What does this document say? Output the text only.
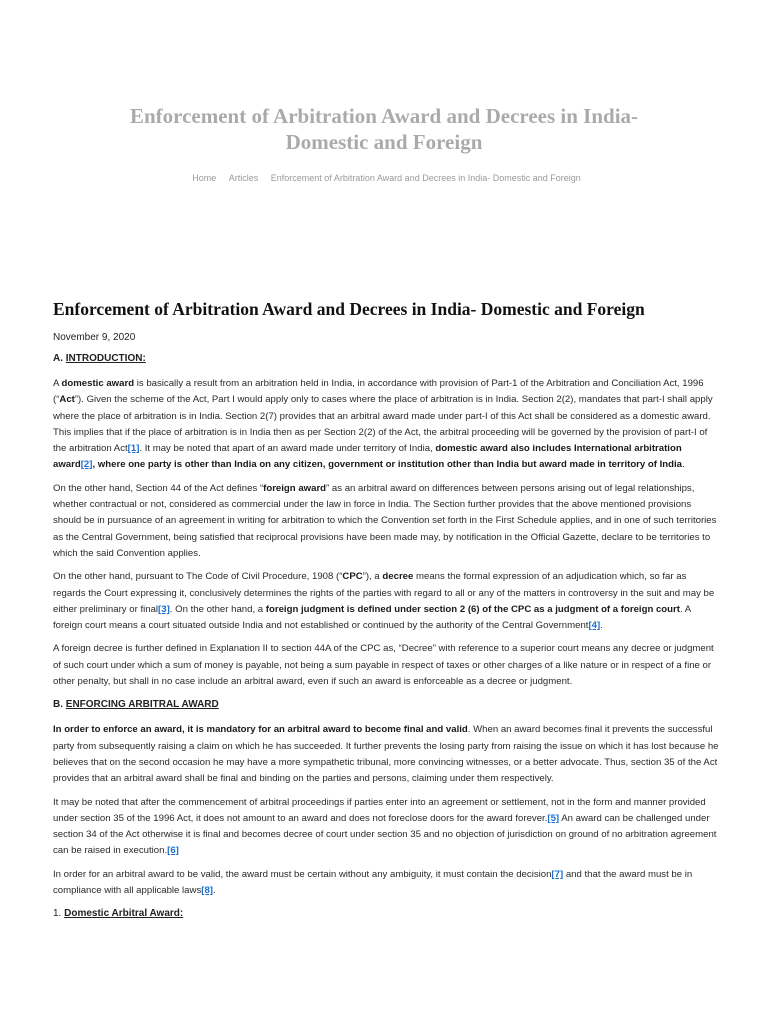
Enforcement of Arbitration Award and Decrees in India-
Domestic and Foreign
Home Articles Enforcement of Arbitration Award and Decrees in India- Domestic and Foreign
Enforcement of Arbitration Award and Decrees in India- Domestic and Foreign
November 9, 2020
A. INTRODUCTION:

A domestic award is basically a result from an arbitration held in India, in accordance with provision of Part-1 of the Arbitration and Conciliation Act, 1996 (“Act”). Given the scheme of the Act, Part I would apply only to cases where the place of arbitration is in India. Section 2(2), mandates that part-I shall apply where the place of arbitration is in India. Section 2(7) provides that an arbitral award made under part-I of this Act shall be considered as a domestic award. This implies that if the place of arbitration is in India then as per Section 2(2) of the Act, the arbitral proceeding will be governed by the provision of part-I of the arbitration Act[1]. It may be noted that apart of an award made under territory of India, domestic award also includes International arbitration award[2], where one party is other than India on any citizen, government or institution other than India but award made in territory of India.

On the other hand, Section 44 of the Act defines “foreign award” as an arbitral award on differences between persons arising out of legal relationships, whether contractual or not, considered as commercial under the law in force in India. The Section further provides that the above mentioned provisions should be in pursuance of an agreement in writing for arbitration to which the Convention set forth in the First Schedule applies, and in one of such territories as the Central Government, being satisfied that reciprocal provisions have been made may, by notification in the Official Gazette, declare to be territories to which the said Convention applies.

On the other hand, pursuant to The Code of Civil Procedure, 1908 (“CPC”), a decree means the formal expression of an adjudication which, so far as regards the Court expressing it, conclusively determines the rights of the parties with regard to all or any of the matters in controversy in the suit and may be either preliminary or final[3]. On the other hand, a foreign judgment is defined under section 2 (6) of the CPC as a judgment of a foreign court. A foreign court means a court situated outside India and not established or continued by the authority of the Central Government[4].

A foreign decree is further defined in Explanation II to section 44A of the CPC as, “Decree” with reference to a superior court means any decree or judgment of such court under which a sum of money is payable, not being a sum payable in respect of taxes or other charges of a like nature or in respect of a fine or other penalty, but shall in no case include an arbitral award, even if such an award is enforceable as a decree or judgment.

B. ENFORCING ARBITRAL AWARD

In order to enforce an award, it is mandatory for an arbitral award to become final and valid. When an award becomes final it prevents the successful party from subsequently raising a claim on which he has succeeded. It further prevents the losing party from raising the issue on which it has lost because he believes that on the second occasion he may have a more sympathetic tribunal, more convincing witnesses, or a better advocate. Thus, section 35 of the Act provides that an arbitral award shall be final and binding on the parties and persons, claiming under them respectively.

It may be noted that after the commencement of arbitral proceedings if parties enter into an agreement or settlement, not in the form and manner provided under section 35 of the 1996 Act, it does not amount to an award and does not foreclose doors for the award forever.[5] An award can be challenged under section 34 of the Act otherwise it is final and becomes decree of court under section 35 and no objection of jurisdiction on ground of no arbitration agreement can be raised in execution.[6]

In order for an arbitral award to be valid, the award must be certain without any ambiguity, it must contain the decision[7] and that the award must be in compliance with all applicable laws[8].

1. Domestic Arbitral Award:
